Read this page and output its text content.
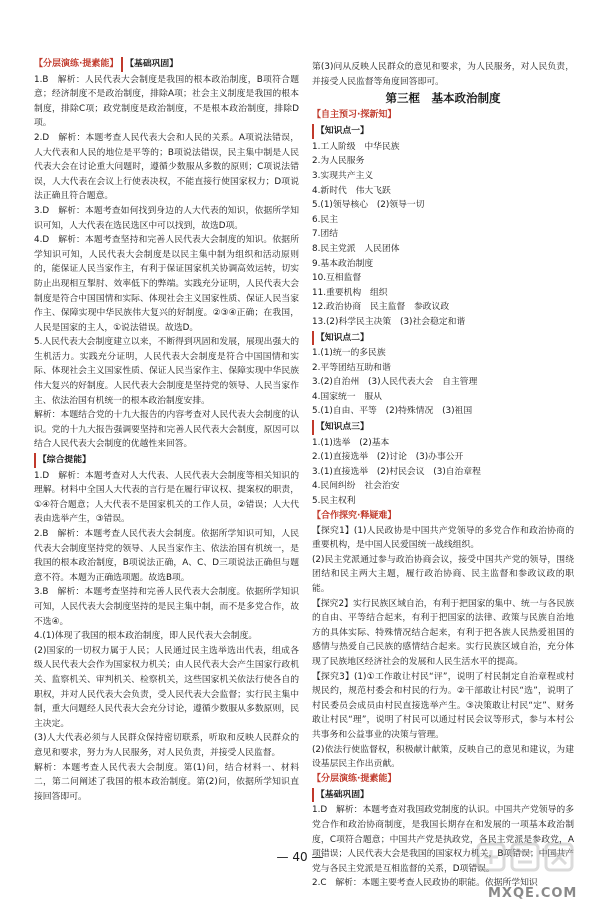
【分层演练·提素能】 【基础巩固】

1.B　解析：人民代表大会制度是我国的根本政治制度，B项符合题意；经济制度不是政治制度，排除A项；社会主义制度是我国的根本制度，排除C项；政党制度是政治制度，不是根本政治制度，排除D项。

2.D　解析：本题考查人民代表大会和人民的关系。A项说法错误，人大代表和人民的地位是平等的；B项说法错误，民主集中制是人民代表大会在讨论重大问题时，遵循少数服从多数的原则；C项说法错误，人大代表在会议上行使表决权，不能直接行使国家权力；D项说法正确且符合题意。

3.D　解析：本题考查如何找到身边的人大代表的知识，依据所学知识可知，人大代表在选民选区中可以找到，故选D项。

4.D　解析：本题考查坚持和完善人民代表大会制度的知识。依据所学知识可知，人民代表大会制度是以民主集中制为组织和活动原则的，能保证人民当家作主，有利于保证国家机关协调高效运转，切实防止出现相互掣肘、效率低下的弊端。实践充分证明，人民代表大会制度是符合中国国情和实际、体现社会主义国家性质、保证人民当家作主、保障实现中华民族伟大复兴的好制度。②③④正确；在我国，人民是国家的主人，①说法错误。故选D。

5.人民代表大会制度建立以来，不断得到巩固和发展，展现出强大的生机活力。实践充分证明，人民代表大会制度是符合中国国情和实际、体现社会主义国家性质、保证人民当家作主、保障实现中华民族伟大复兴的好制度。人民代表大会制度是坚持党的领导、人民当家作主、依法治国有机统一的根本政治制度安排。

解析：本题结合党的十九大报告的内容考查对人民代表大会制度的认识。党的十九大报告强调要坚持和完善人民代表大会制度，原因可以结合人民代表大会制度的优越性来回答。

【综合提能】

1.D　解析：本题考查对人大代表、人民代表大会制度等相关知识的理解。材料中全国人大代表的言行是在履行审议权、提案权的职责，①④符合题意；人大代表不是国家机关的工作人员，②错误；人大代表由选举产生，③错误。

2.B　解析：本题考查人民代表大会制度。依据所学知识可知，人民代表大会制度坚持党的领导、人民当家作主、依法治国有机统一，是我国的根本政治制度，B项说法正确，A、C、D三项说法正确但与题意不符。本题为正确选项题。故选B项。

3.B　解析：本题考查坚持和完善人民代表大会制度。依据所学知识可知，人民代表大会制度坚持的是民主集中制，而不是多党合作，故不选④。

4.(1)体现了我国的根本政治制度，即人民代表大会制度。

(2)国家的一切权力属于人民；人民通过民主选举选出代表，组成各级人民代表大会作为国家权力机关；由人民代表大会产生国家行政机关、监察机关、审判机关、检察机关，这些国家机关依法行使各自的职权，并对人民代表大会负责，受人民代表大会监督；实行民主集中制，重大问题经人民代表大会充分讨论，遵循少数服从多数原则，民主决定。

(3)人大代表必须与人民群众保持密切联系，听取和反映人民群众的意见和要求，努力为人民服务，对人民负责，并接受人民监督。

解析：本题考查人民代表大会制度。第(1)问，结合材料一、材料二，第二问阐述了我国的根本政治制度。第(2)问，依据所学知识直接回答即可。

第(3)问从反映人民群众的意见和要求，为人民服务，对人民负责，并接受人民监督等角度回答即可。

第三框　基本政治制度
【自主预习·探新知】
【知识点一】

1.工人阶级　中华民族

2.为人民服务

3.实现共产主义

4.新时代　伟大飞跃

5.(1)领导核心　(2)领导一切

6.民主

7.团结

8.民主党派　人民团体

9.基本政治制度

10.互相监督

11.重要机构　组织

12.政治协商　民主监督　参政议政

13.(2)科学民主决策　(3)社会稳定和谐

【知识点二】

1.(1)统一的多民族

2.平等团结互助和谐

3.(2)自治州　(3)人民代表大会　自主管理

4.国家统一　服从

5.(1)自由、平等　(2)特殊情况　(3)祖国

【知识点三】

1.(1)选举　(2)基本

2.(1)直接选举　(2)讨论　(3)办事公开

3.(1)直接选举　(2)村民会议　(3)自治章程

4.民间纠纷　社会治安

5.民主权利

【合作探究·释疑难】

【探究1】(1)人民政协是中国共产党领导的多党合作和政治协商的重要机构，是中国人民爱国统一战线组织。

(2)民主党派通过参与政治协商会议，接受中国共产党的领导，围绕团结和民主两大主题，履行政治协商、民主监督和参政议政的职能。

【探究2】实行民族区域自治，有利于把国家的集中、统一与各民族的自由、平等结合起来，有利于把国家的法律、政策与民族自治地方的具体实际、特殊情况结合起来，有利于把各族人民热爱祖国的感情与热爱自己民族的感情结合起来。实行民族区域自治，充分体现了民族地区经济社会的发展和人民生活水平的提高。

【探究3】(1)①工作敢让村民“评”，说明了村民制定自治章程或村规民约，规范村委会和村民的行为。②干部敢让村民“选”，说明了村民委员会成员由村民直接选举产生。③决策敢让村民“定”、财务敢让村民“理”，说明了村民可以通过村民会议等形式，参与本村公共事务和公益事业的决策与管理。

(2)依法行使监督权，积极献计献策，反映自己的意见和建议，为建设基层民主作出贡献。

【分层演练·提素能】
【基础巩固】

1.D　解析：本题考查对我国政党制度的认识。中国共产党领导的多党合作和政治协商制度，是我国长期存在和发展的一项基本政治制度，C项符合题意；中国共产党是执政党，各民主党派是参政党，A项错误；人民代表大会是我国的国家权力机关，B项错误；中国共产党与各民主党派是互相监督的关系，D项错误。

2.C　解析：本题主要考查人民政协的职能。依据所学知识

— 40 —
MXQE.COM
